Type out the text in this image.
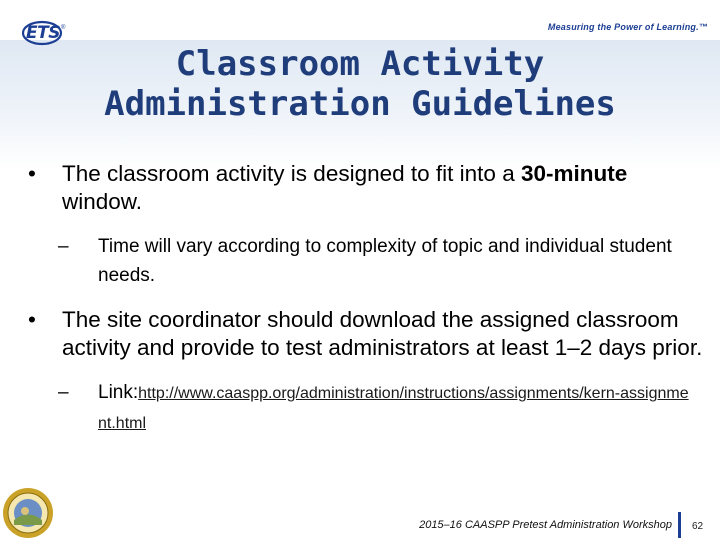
ETS ®	Measuring the Power of Learning.™
Classroom Activity
Administration Guidelines
• The classroom activity is designed to fit into a 30-minute window.
– Time will vary according to complexity of topic and individual student needs.
• The site coordinator should download the assigned classroom activity and provide to test administrators at least 1–2 days prior.
– Link:http://www.caaspp.org/administration/instructions/assignments/kern-assignment.html
2015–16 CAASPP Pretest Administration Workshop 62
